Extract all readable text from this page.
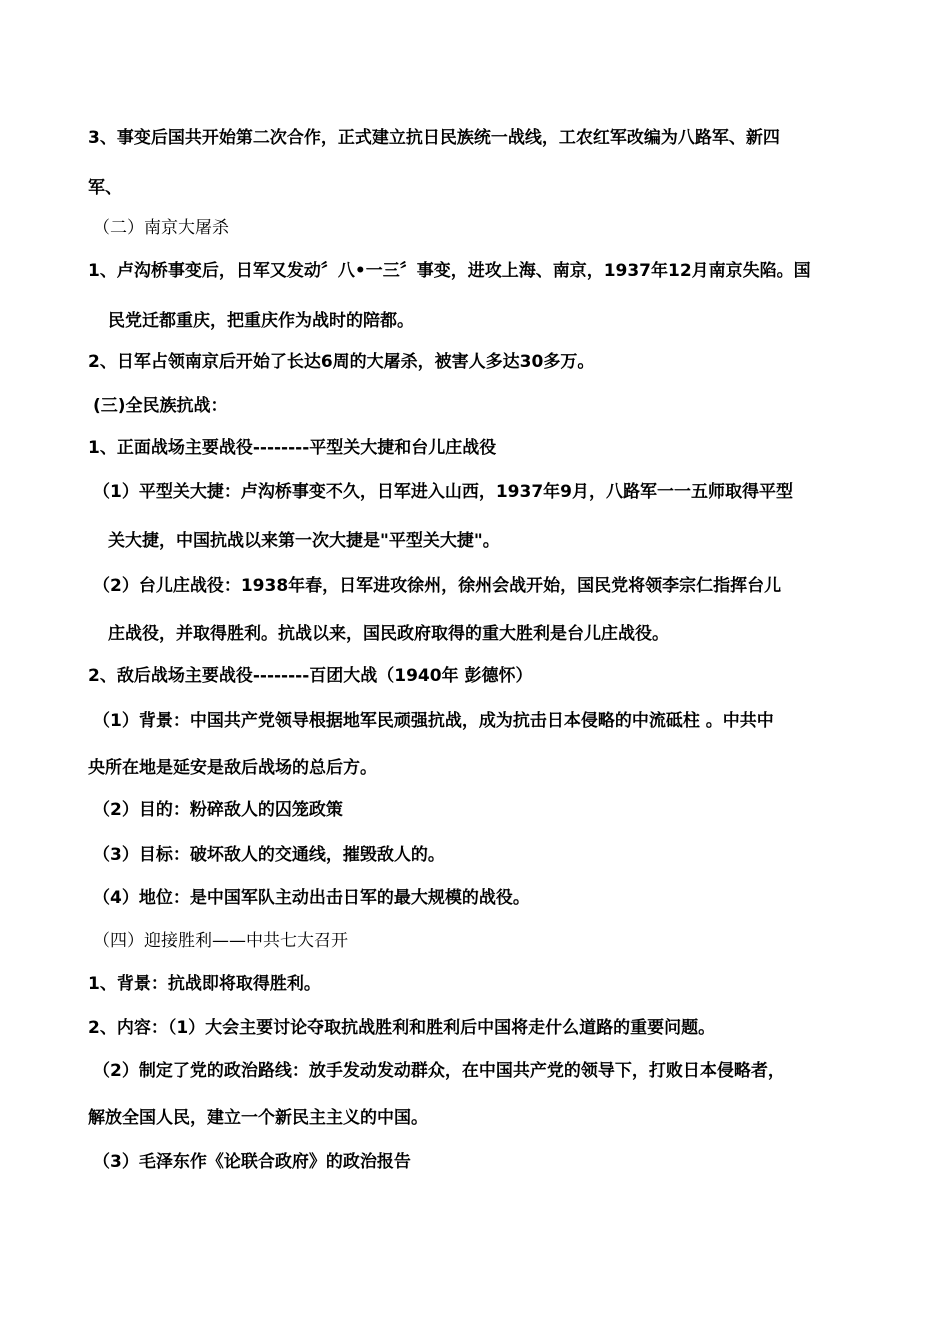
3、事变后国共开始第二次合作，正式建立抗日民族统一战线，工农红军改编为八路军、新四
军、
（二）南京大屠杀
1、卢沟桥事变后，日军又发动〞八•一三〞事变，进攻上海、南京，1937年12月南京失陷。国
民党迁都重庆，把重庆作为战时的陪都。
2、日军占领南京后开始了长达6周的大屠杀，被害人多达30多万。
(三)全民族抗战：
1、正面战场主要战役--------平型关大捷和台儿庄战役
（1）平型关大捷：卢沟桥事变不久，日军进入山西，1937年9月，八路军一一五师取得平型
关大捷，中国抗战以来第一次大捷是"平型关大捷"。
（2）台儿庄战役：1938年春，日军进攻徐州，徐州会战开始，国民党将领李宗仁指挥台儿
庄战役，并取得胜利。抗战以来，国民政府取得的重大胜利是台儿庄战役。
2、敌后战场主要战役--------百团大战（1940年 彭德怀）
（1）背景：中国共产党领导根据地军民顽强抗战，成为抗击日本侵略的中流砥柱 。中共中
央所在地是延安是敌后战场的总后方。
（2）目的：粉碎敌人的囚笼政策
（3）目标：破坏敌人的交通线，摧毁敌人的。
（4）地位：是中国军队主动出击日军的最大规模的战役。
（四）迎接胜利——中共七大召开
1、背景：抗战即将取得胜利。
2、内容：（1）大会主要讨论夺取抗战胜利和胜利后中国将走什么道路的重要问题。
（2）制定了党的政治路线：放手发动发动群众，在中国共产党的领导下，打败日本侵略者，
解放全国人民，建立一个新民主主义的中国。
（3）毛泽东作《论联合政府》的政治报告
